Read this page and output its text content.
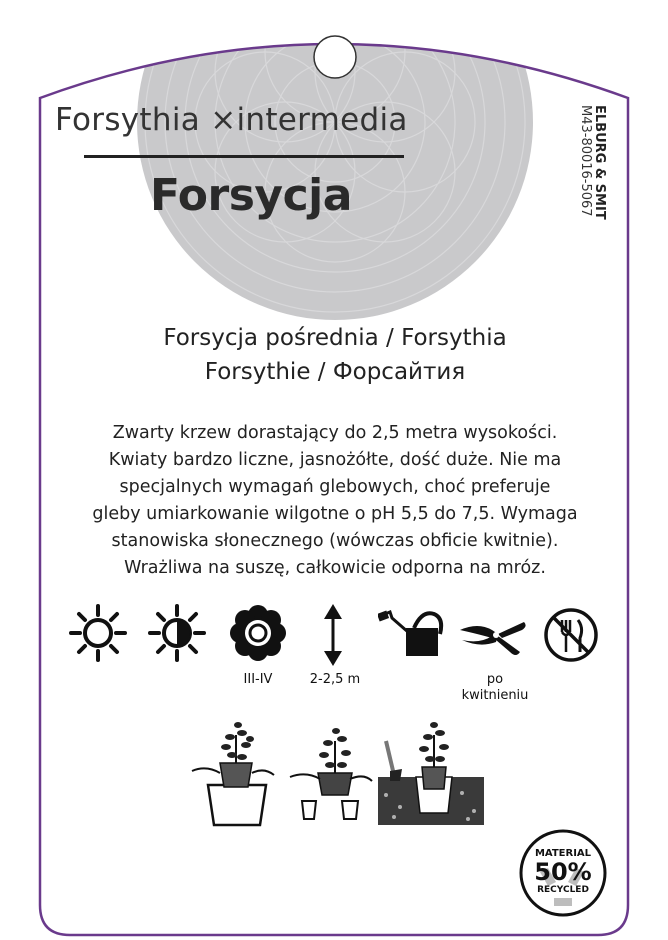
Forsythia ×intermedia
Forsycja	ELBURG & SMIT
M43-80016-5067
Forsycja pośrednia / Forsythia
Forsythie / Форсайтия
Zwarty krzew dorastający do 2,5 metra wysokości.
Kwiaty bardzo liczne, jasnożółte, dość duże. Nie ma
specjalnych wymagań glebowych, choć preferuje
gleby umiarkowanie wilgotne o pH 5,5 do 7,5. Wymaga
stanowiska słonecznego (wówczas obficie kwitnie).
Wrażliwa na suszę, całkowicie odporna na mróz.
III-IV	2-2,5 m	po
kwitnieniu
MATERIAL
50%
RECYCLED
